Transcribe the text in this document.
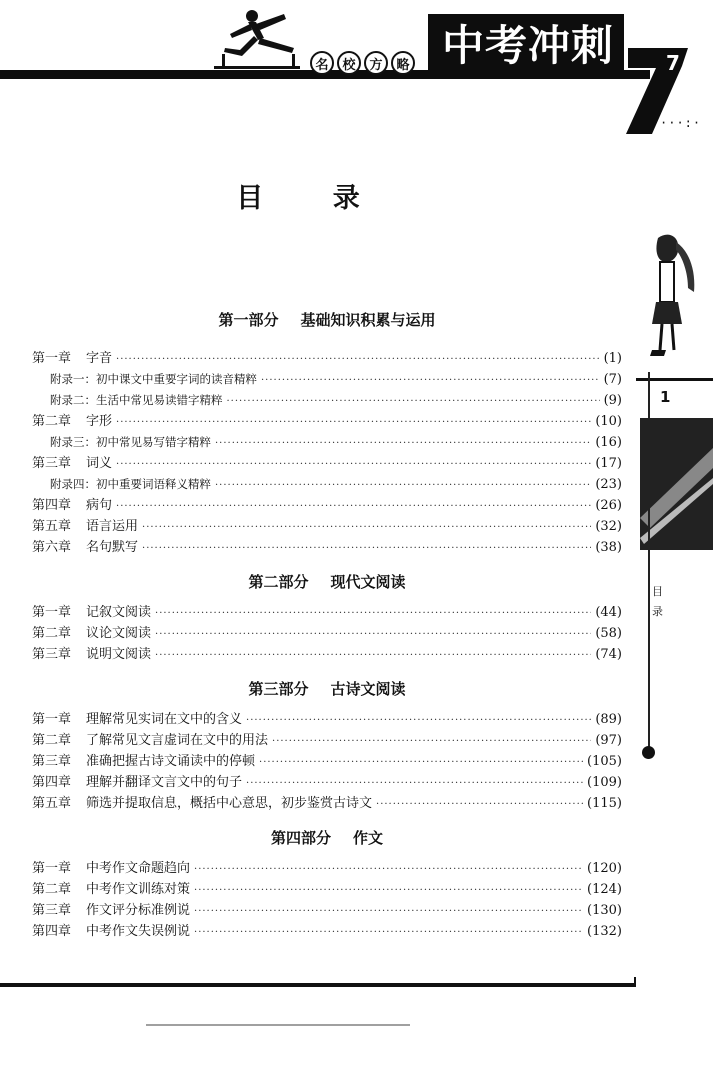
名	校	方	略 中考冲刺	7
···:·
目 录
1
目 录
第一部分 基础知识积累与运用
第一章	字音 ·····	(1)
附录一：初中课文中重要字词的读音精粹 ·····	(7)
附录二：生活中常见易读错字精粹 ·····	(9)
第二章	字形 ·····	(10)
附录三：初中常见易写错字精粹 ·····	(16)
第三章	词义 ·····	(17)
附录四：初中重要词语释义精粹 ·····	(23)
第四章	病句 ·····	(26)
第五章	语言运用 ·····	(32)
第六章	名句默写 ·····	(38)
第二部分 现代文阅读
第一章	记叙文阅读 ·····	(44)
第二章	议论文阅读 ·····	(58)
第三章	说明文阅读 ·····	(74)
第三部分 古诗文阅读
第一章	理解常见实词在文中的含义 ·····	(89)
第二章	了解常见文言虚词在文中的用法 ·····	(97)
第三章	准确把握古诗文诵读中的停顿 ·····	(105)
第四章	理解并翻译文言文中的句子 ·····	(109)
第五章	筛选并提取信息，概括中心意思，初步鉴赏古诗文 ·····	(115)
第四部分 作文
第一章	中考作文命题趋向 ·····	(120)
第二章	中考作文训练对策 ·····	(124)
第三章	作文评分标准例说 ·····	(130)
第四章	中考作文失误例说 ·····	(132)
